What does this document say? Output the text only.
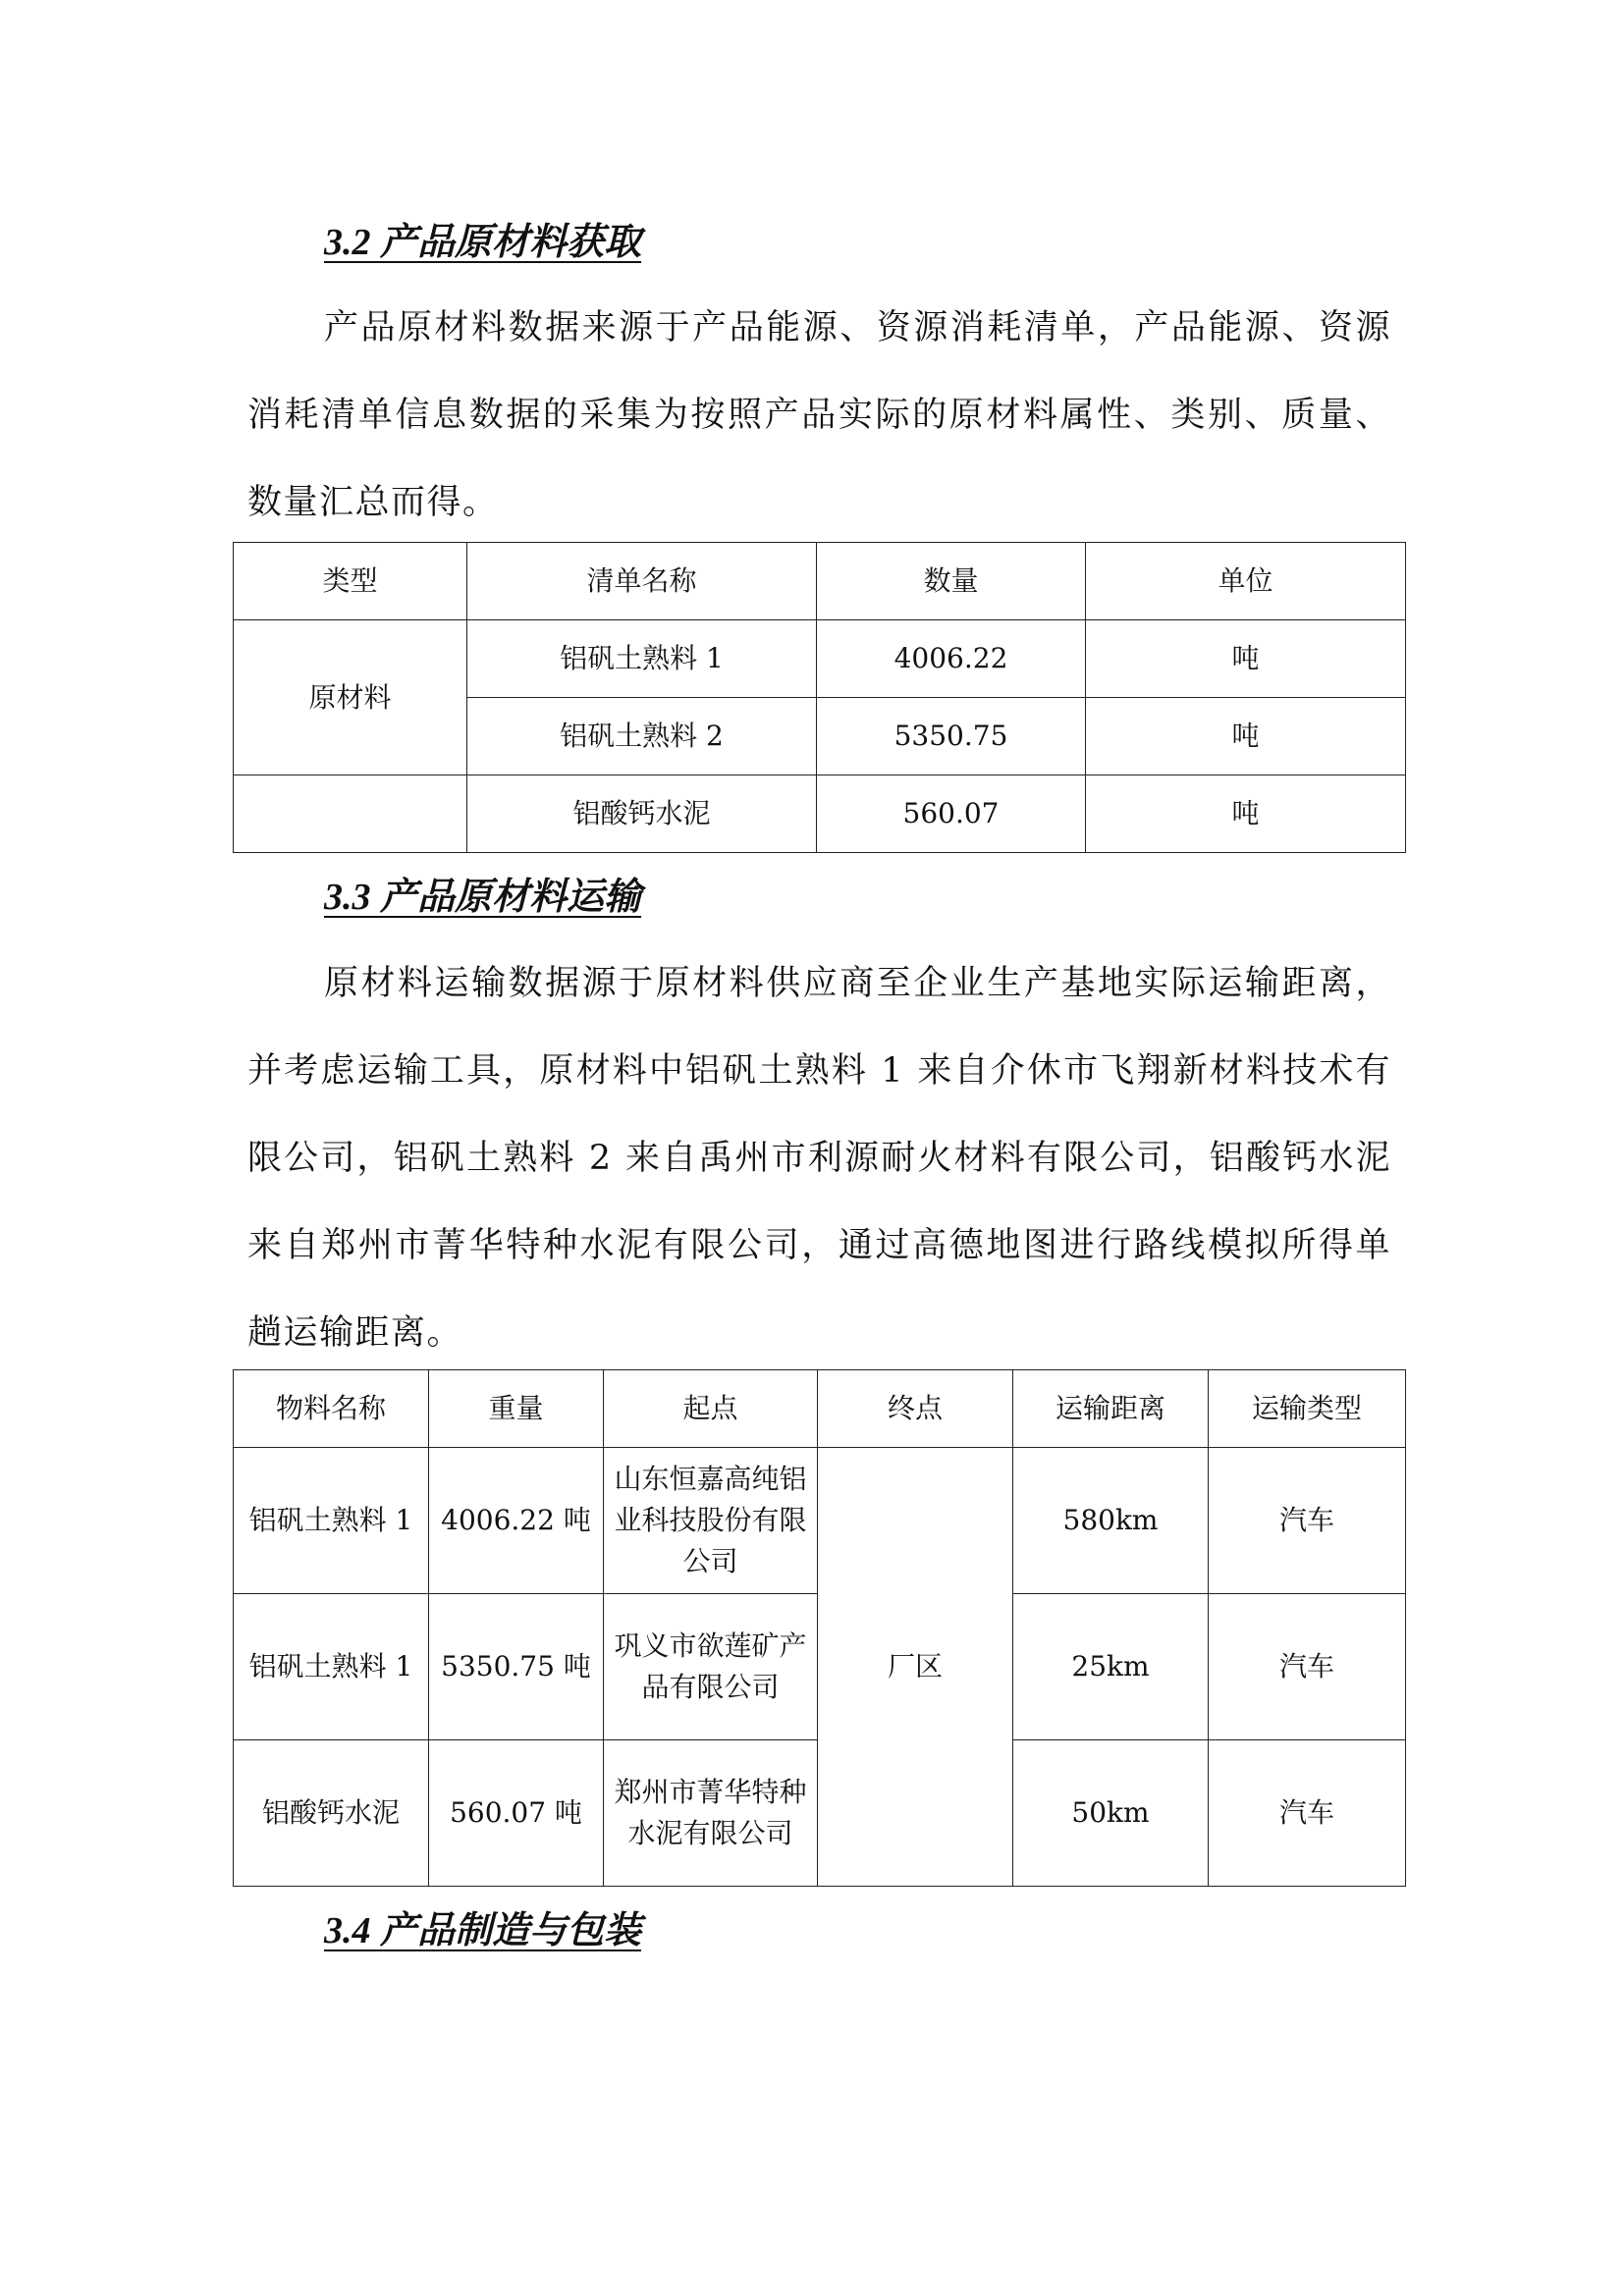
3.2 产品原材料获取

产品原材料数据来源于产品能源、资源消耗清单，产品能源、资源消耗清单信息数据的采集为按照产品实际的原材料属性、类别、质量、数量汇总而得。

类型	清单名称	数量	单位
原材料	铝矾土熟料 1	4006.22	吨
	铝矾土熟料 2	5350.75	吨
	铝酸钙水泥	560.07	吨
3.3 产品原材料运输

原材料运输数据源于原材料供应商至企业生产基地实际运输距离，并考虑运输工具，原材料中铝矾土熟料 1 来自介休市飞翔新材料技术有限公司，铝矾土熟料 2 来自禹州市利源耐火材料有限公司，铝酸钙水泥来自郑州市菁华特种水泥有限公司，通过高德地图进行路线模拟所得单趟运输距离。

物料名称	重量	起点	终点	运输距离	运输类型
铝矾土熟料 1	4006.22 吨	山东恒嘉高纯铝业科技股份有限公司	厂区	580km	汽车
铝矾土熟料 1	5350.75 吨	巩义市欲莲矿产品有限公司		25km	汽车
铝酸钙水泥	560.07 吨	郑州市菁华特种水泥有限公司		50km	汽车
3.4 产品制造与包装
